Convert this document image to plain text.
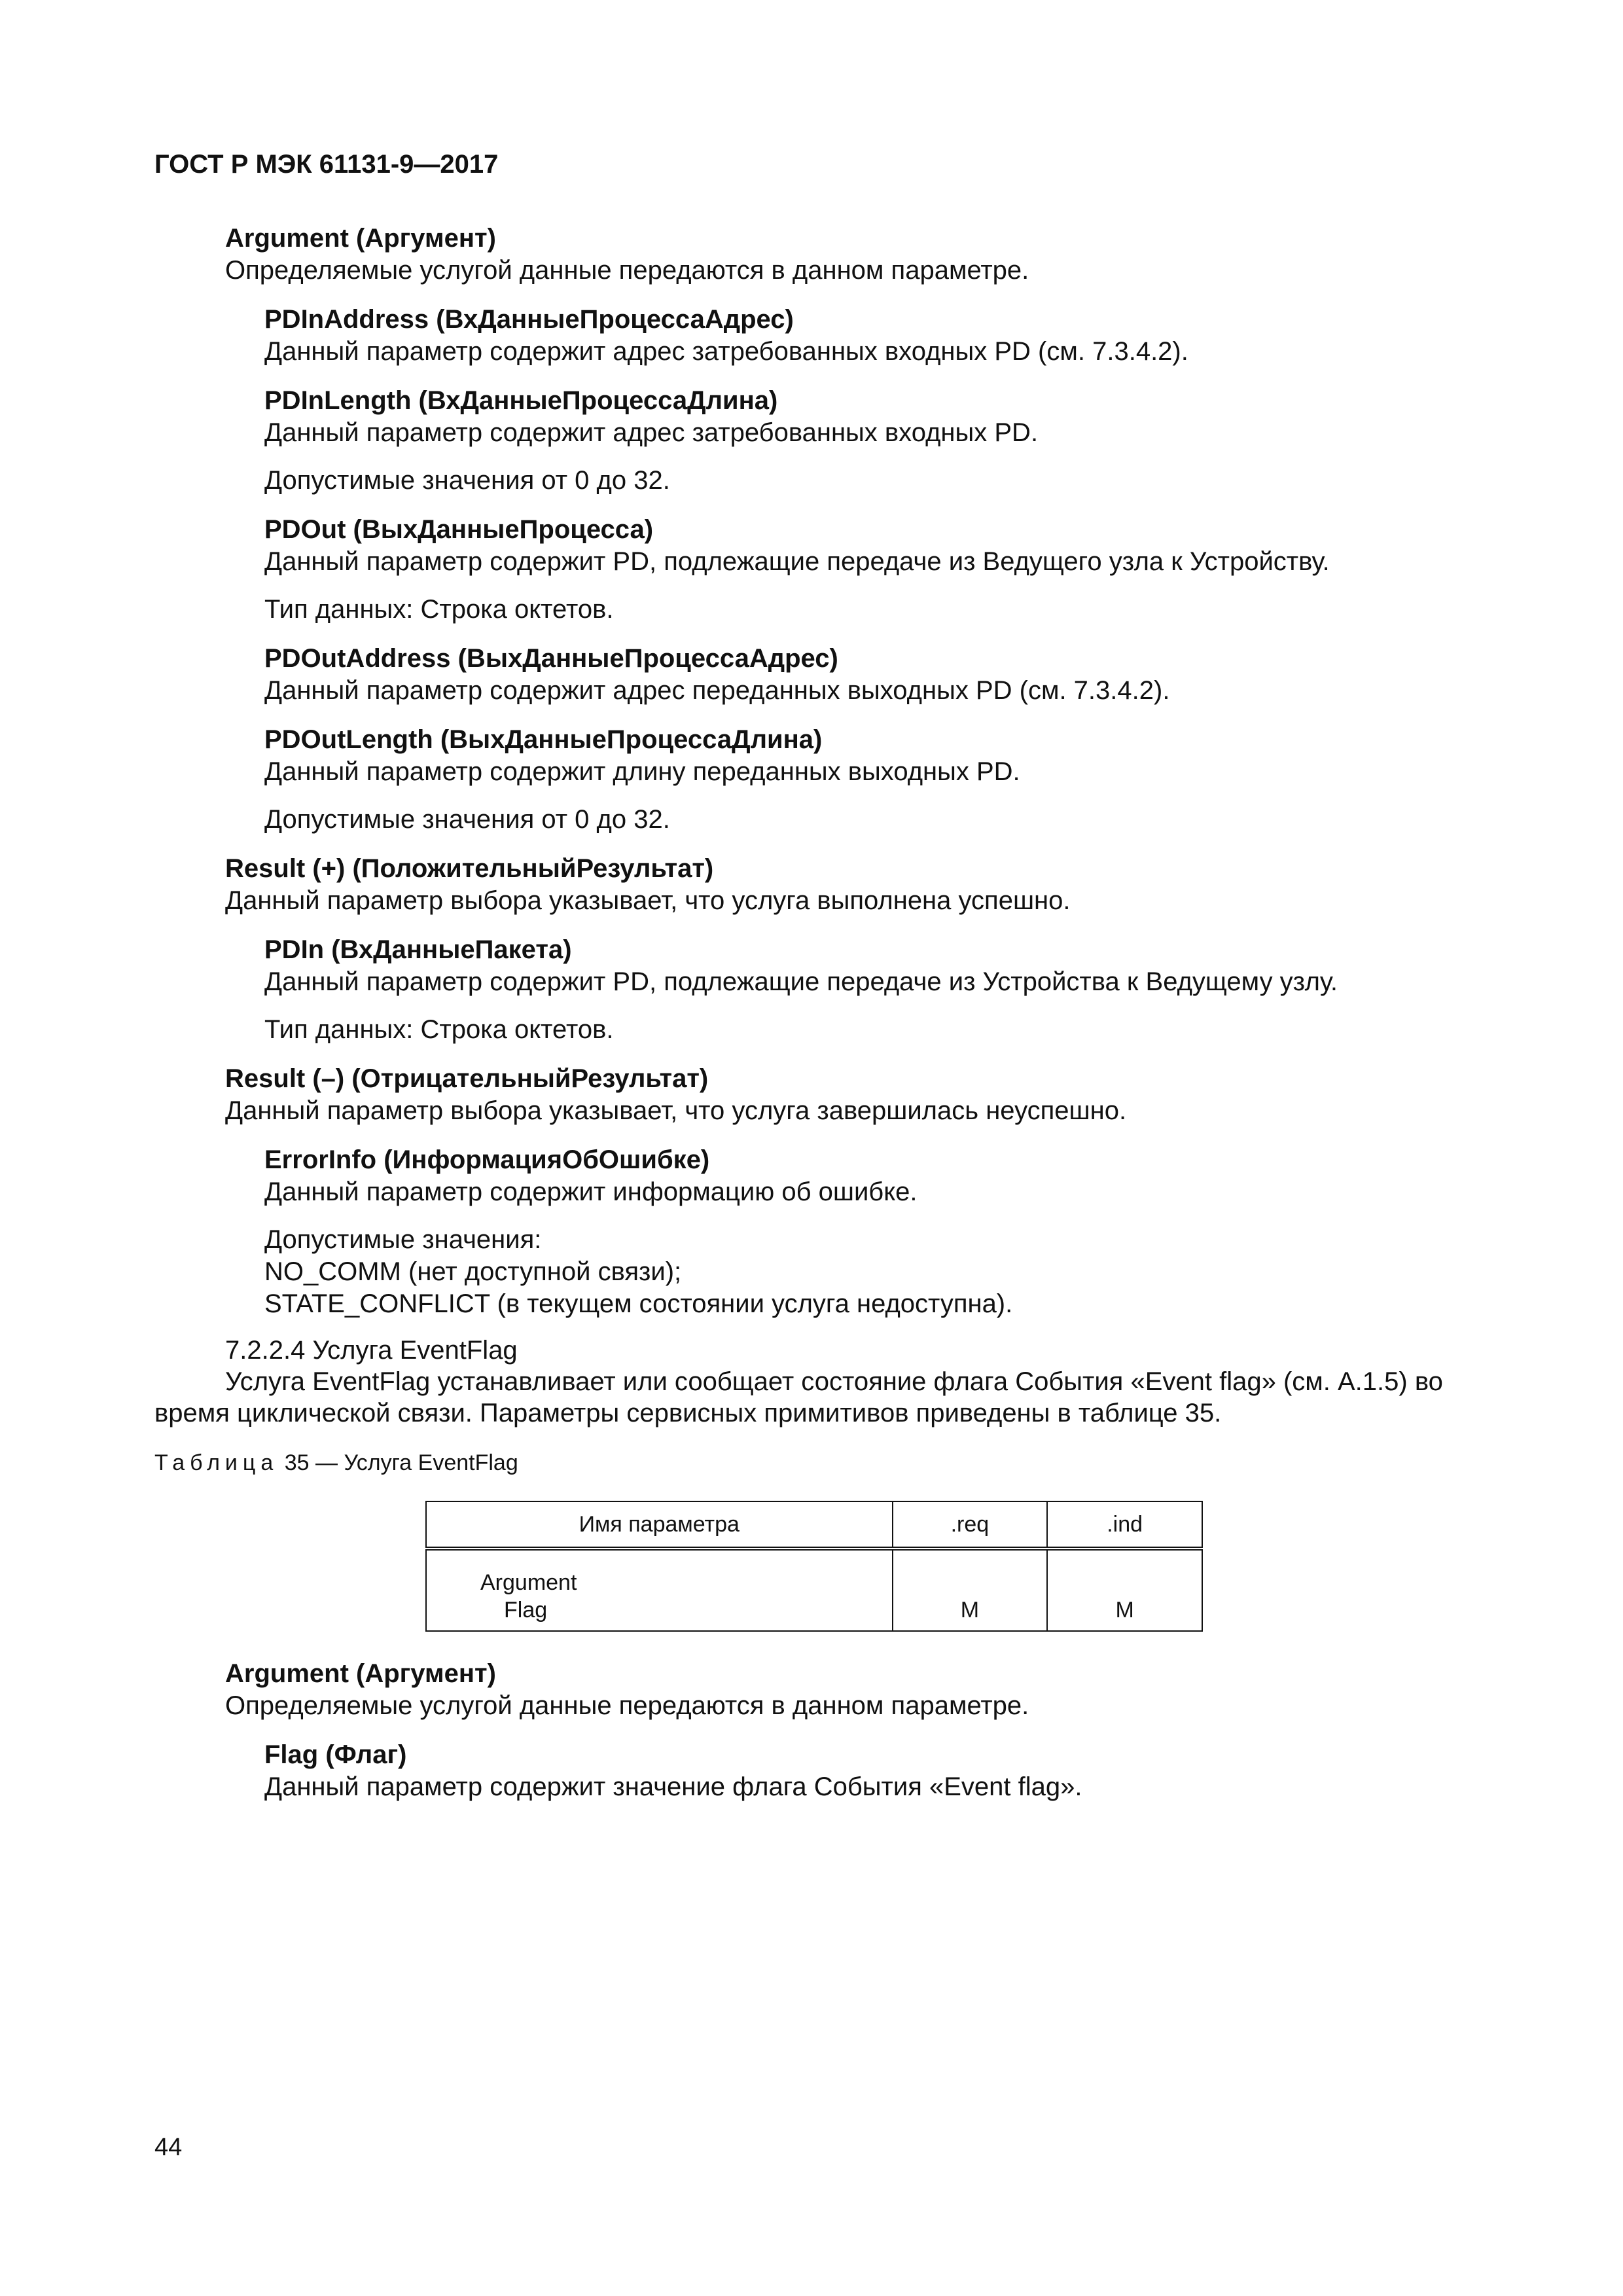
ГОСТ Р МЭК 61131-9—2017

Argument (Аргумент)

Определяемые услугой данные передаются в данном параметре.

PDInAddress (ВхДанныеПроцессаАдрес)

Данный параметр содержит адрес затребованных входных PD (см. 7.3.4.2).

PDInLength (ВхДанныеПроцессаДлина)

Данный параметр содержит адрес затребованных входных PD.

Допустимые значения от 0 до 32.

PDOut (ВыхДанныеПроцесса)

Данный параметр содержит PD, подлежащие передаче из Ведущего узла к Устройству.

Тип данных: Строка октетов.

PDOutAddress (ВыхДанныеПроцессаАдрес)

Данный параметр содержит адрес переданных выходных PD (см. 7.3.4.2).

PDOutLength (ВыхДанныеПроцессаДлина)

Данный параметр содержит длину переданных выходных PD.

Допустимые значения от 0 до 32.

Result (+) (ПоложительныйРезультат)

Данный параметр выбора указывает, что услуга выполнена успешно.

PDIn (ВхДанныеПакета)

Данный параметр содержит PD, подлежащие передаче из Устройства к Ведущему узлу.

Тип данных: Строка октетов.

Result (–) (ОтрицательныйРезультат)

Данный параметр выбора указывает, что услуга завершилась неуспешно.

ErrorInfo (ИнформацияОбОшибке)

Данный параметр содержит информацию об ошибке.

Допустимые значения:

NO_COMM (нет доступной связи);

STATE_CONFLICT (в текущем состоянии услуга недоступна).

7.2.2.4 Услуга EventFlag

Услуга EventFlag устанавливает или сообщает состояние флага События «Event flag» (см. А.1.5) во время циклической связи. Параметры сервисных примитивов приведены в таблице 35.

Таблица 35 — Услуга EventFlag

Имя параметра	.req	.ind
Argument
Flag	M	M

Argument (Аргумент)

Определяемые услугой данные передаются в данном параметре.

Flag (Флаг)

Данный параметр содержит значение флага События «Event flag».

44
